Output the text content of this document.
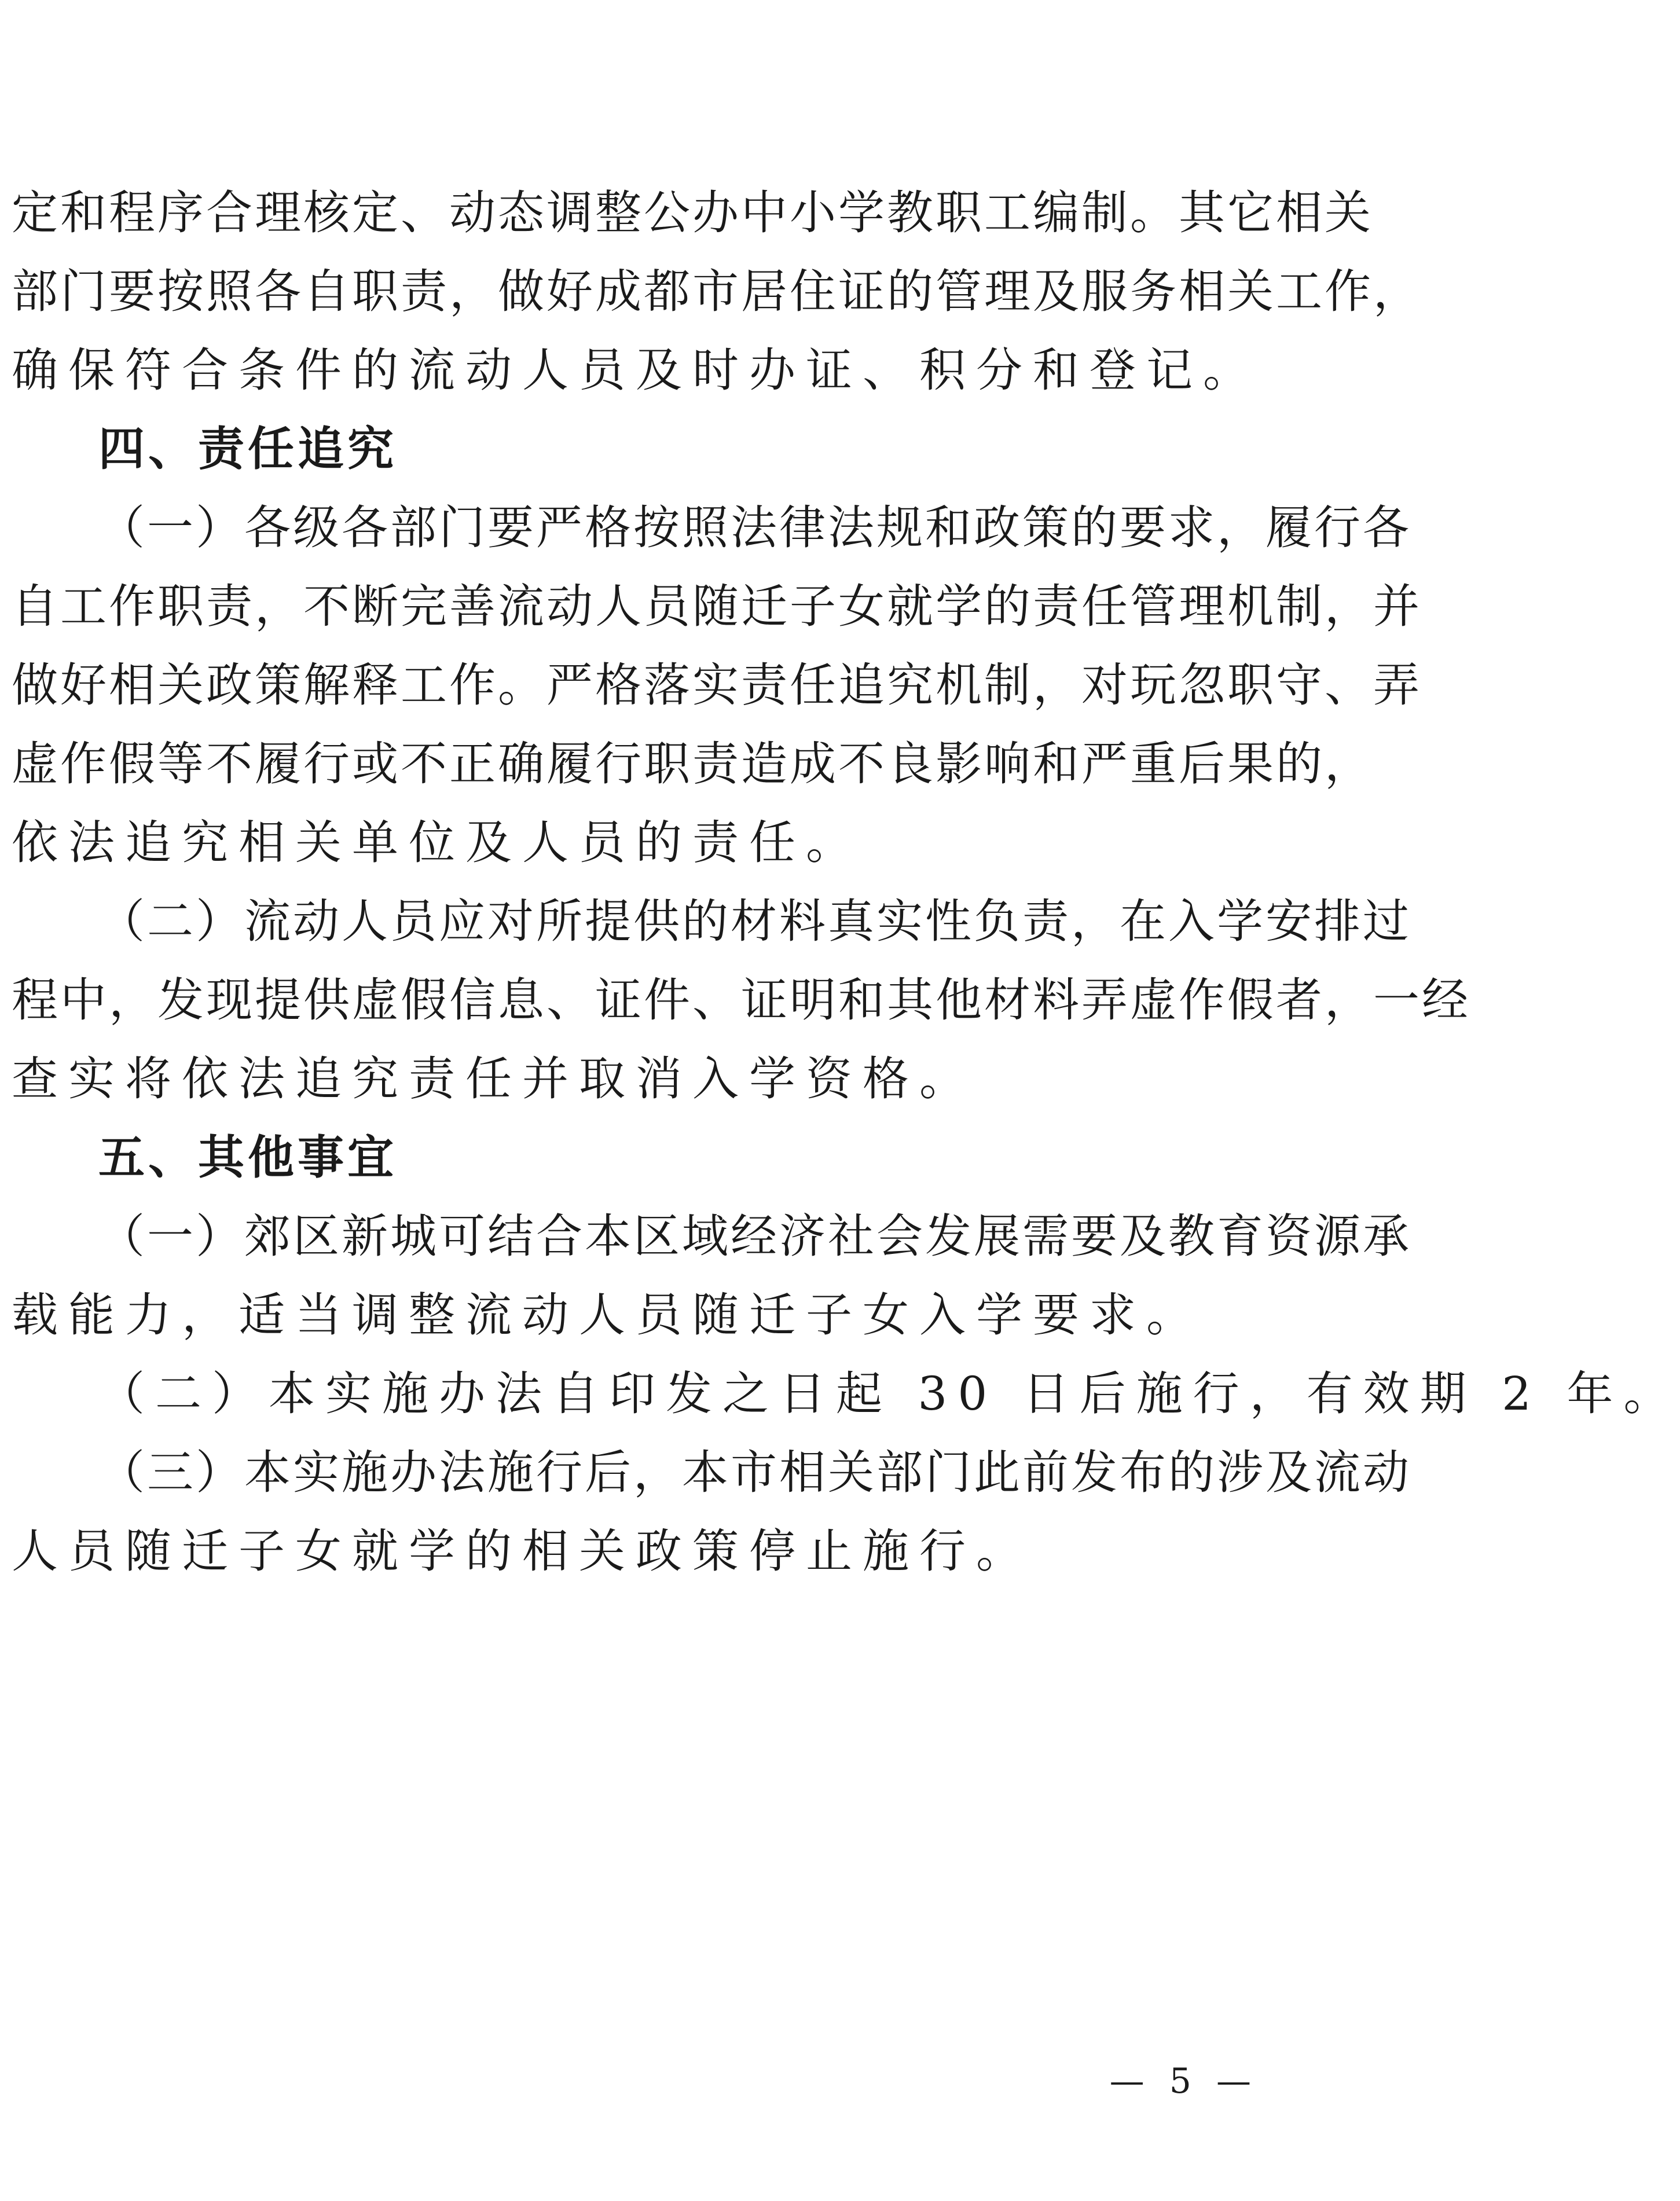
定和程序合理核定、动态调整公办中小学教职工编制。其它相关
部门要按照各自职责，做好成都市居住证的管理及服务相关工作，
确保符合条件的流动人员及时办证、积分和登记。
四、责任追究
（一）各级各部门要严格按照法律法规和政策的要求，履行各
自工作职责，不断完善流动人员随迁子女就学的责任管理机制，并
做好相关政策解释工作。严格落实责任追究机制，对玩忽职守、弄
虚作假等不履行或不正确履行职责造成不良影响和严重后果的，
依法追究相关单位及人员的责任。
（二）流动人员应对所提供的材料真实性负责，在入学安排过
程中，发现提供虚假信息、证件、证明和其他材料弄虚作假者，一经
查实将依法追究责任并取消入学资格。
五、其他事宜
（一）郊区新城可结合本区域经济社会发展需要及教育资源承
载能力，适当调整流动人员随迁子女入学要求。
（二）本实施办法自印发之日起 30 日后施行，有效期 2 年。
（三）本实施办法施行后，本市相关部门此前发布的涉及流动
人员随迁子女就学的相关政策停止施行。
— 5 —
